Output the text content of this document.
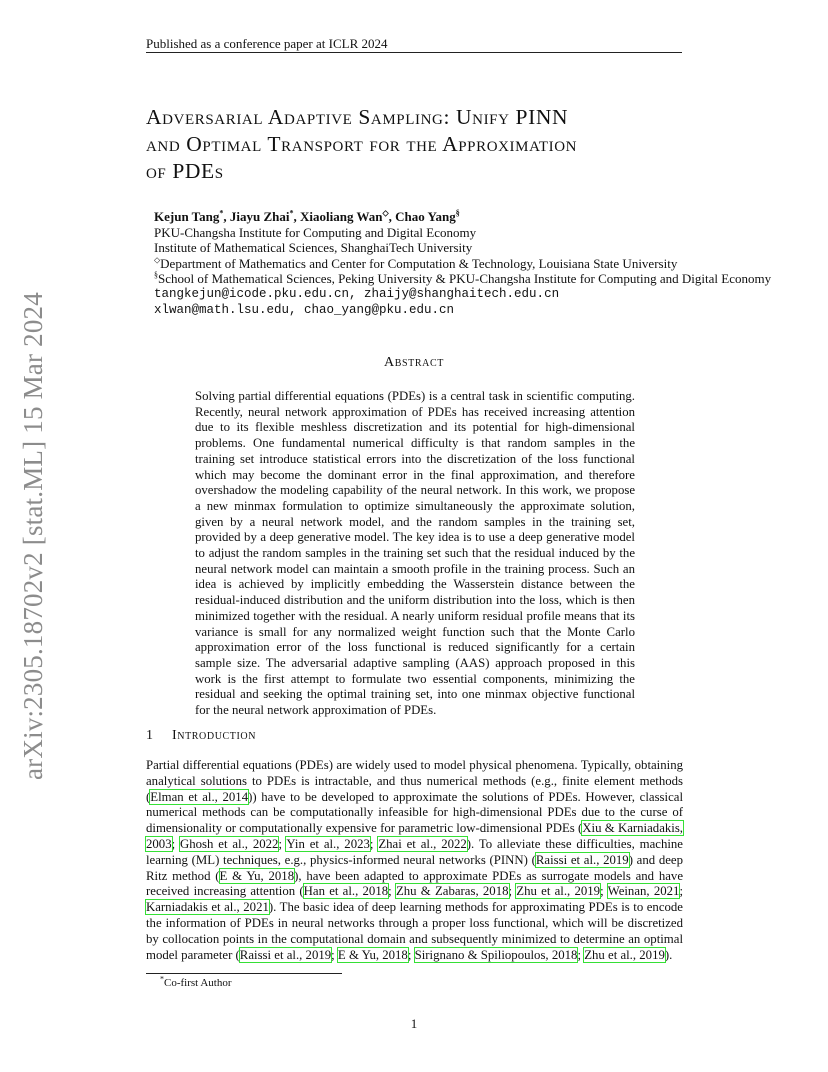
arXiv:2305.18702v2 [stat.ML] 15 Mar 2024
Published as a conference paper at ICLR 2024
Adversarial Adaptive Sampling: Unify PINN
and Optimal Transport for the Approximation
of PDEs
Kejun Tang*, Jiayu Zhai*, Xiaoliang Wan◇, Chao Yang§
PKU-Changsha Institute for Computing and Digital Economy
Institute of Mathematical Sciences, ShanghaiTech University
◇Department of Mathematics and Center for Computation & Technology, Louisiana State University
§School of Mathematical Sciences, Peking University & PKU-Changsha Institute for Computing and Digital Economy
tangkejun@icode.pku.edu.cn, zhaijy@shanghaitech.edu.cn
xlwan@math.lsu.edu, chao_yang@pku.edu.cn
Abstract
Solving partial differential equations (PDEs) is a central task in scientific computing. Recently, neural network approximation of PDEs has received increasing attention due to its flexible meshless discretization and its potential for high-dimensional problems. One fundamental numerical difficulty is that random samples in the training set introduce statistical errors into the discretization of the loss functional which may become the dominant error in the final approximation, and therefore overshadow the modeling capability of the neural network. In this work, we propose a new minmax formulation to optimize simultaneously the approximate solution, given by a neural network model, and the random samples in the training set, provided by a deep generative model. The key idea is to use a deep generative model to adjust the random samples in the training set such that the residual induced by the neural network model can maintain a smooth profile in the training process. Such an idea is achieved by implicitly embedding the Wasserstein distance between the residual-induced distribution and the uniform distribution into the loss, which is then minimized together with the residual. A nearly uniform residual profile means that its variance is small for any normalized weight function such that the Monte Carlo approximation error of the loss functional is reduced significantly for a certain sample size. The adversarial adaptive sampling (AAS) approach proposed in this work is the first attempt to formulate two essential components, minimizing the residual and seeking the optimal training set, into one minmax objective functional for the neural network approximation of PDEs.
1 Introduction
Partial differential equations (PDEs) are widely used to model physical phenomena. Typically, obtaining analytical solutions to PDEs is intractable, and thus numerical methods (e.g., finite element methods (Elman et al., 2014)) have to be developed to approximate the solutions of PDEs. However, classical numerical methods can be computationally infeasible for high-dimensional PDEs due to the curse of dimensionality or computationally expensive for parametric low-dimensional PDEs (Xiu & Karniadakis, 2003; Ghosh et al., 2022; Yin et al., 2023; Zhai et al., 2022). To alleviate these difficulties, machine learning (ML) techniques, e.g., physics-informed neural networks (PINN) (Raissi et al., 2019) and deep Ritz method (E & Yu, 2018), have been adapted to approximate PDEs as surrogate models and have received increasing attention (Han et al., 2018; Zhu & Zabaras, 2018; Zhu et al., 2019; Weinan, 2021; Karniadakis et al., 2021). The basic idea of deep learning methods for approximating PDEs is to encode the information of PDEs in neural networks through a proper loss functional, which will be discretized by collocation points in the computational domain and subsequently minimized to determine an optimal model parameter (Raissi et al., 2019; E & Yu, 2018; Sirignano & Spiliopoulos, 2018; Zhu et al., 2019).
*Co-first Author
1
